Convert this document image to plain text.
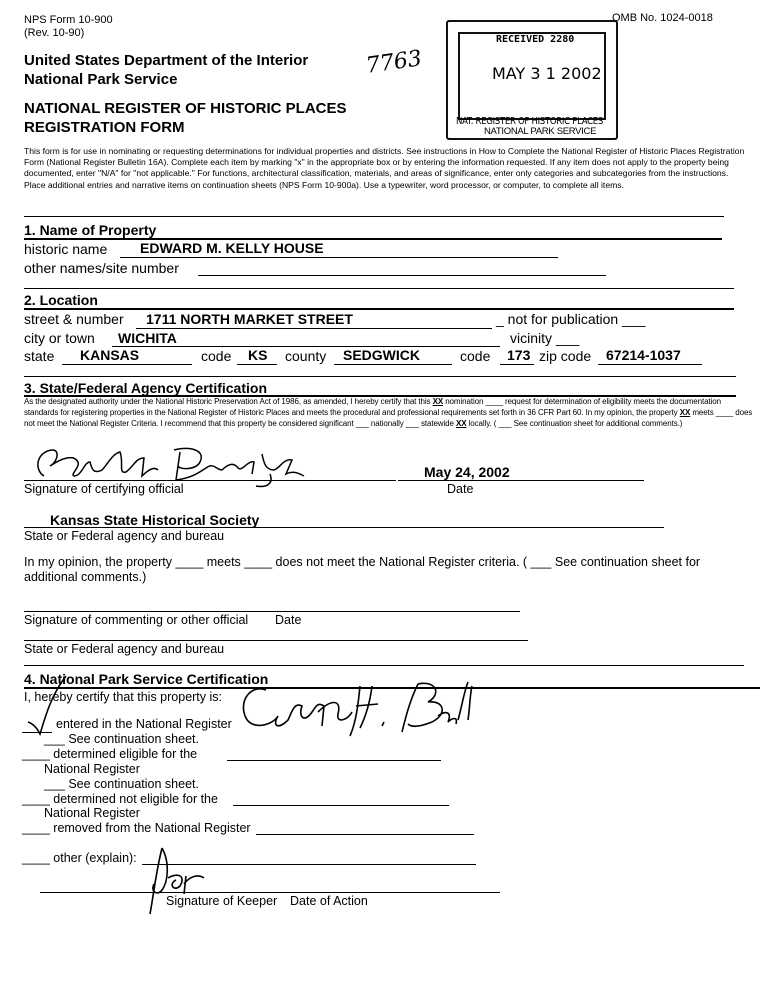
NPS Form 10-900
(Rev. 10-90)
OMB No. 1024-0018
United States Department of the Interior
National Park Service
NATIONAL REGISTER OF HISTORIC PLACES
REGISTRATION FORM
7763
RECEIVED 2280
MAY 3 1 2002
NAT. REGISTER OF HISTORIC PLACES
NATIONAL PARK SERVICE
This form is for use in nominating or requesting determinations for individual properties and districts. See instructions in How to Complete the National Register of Historic Places Registration Form (National Register Bulletin 16A). Complete each item by marking "x" in the appropriate box or by entering the information requested. If any item does not apply to the property being documented, enter "N/A" for "not applicable." For functions, architectural classification, materials, and areas of significance, enter only categories and subcategories from the instructions. Place additional entries and narrative items on continuation sheets (NPS Form 10-900a). Use a typewriter, word processor, or computer, to complete all items.
1. Name of Property
historic name EDWARD M. KELLY HOUSE
other names/site number
2. Location
street & number 1711 NORTH MARKET STREET	_ not for publication ___
city or town WICHITA	vicinity ___
state KANSAS	code KS county SEDGWICK	code 173 zip code 67214-1037
3. State/Federal Agency Certification
As the designated authority under the National Historic Preservation Act of 1986, as amended, I hereby certify that this XX nomination ____ request for determination of eligibility meets the documentation standards for registering properties in the National Register of Historic Places and meets the procedural and professional requirements set forth in 36 CFR Part 60. In my opinion, the property XX meets ____ does not meet the National Register Criteria. I recommend that this property be considered significant ___ nationally ___ statewide XX locally. ( ___ See continuation sheet for additional comments.)
May 24, 2002
Signature of certifying official	Date
Kansas State Historical Society
State or Federal agency and bureau
In my opinion, the property ____ meets ____ does not meet the National Register criteria. ( ___ See continuation sheet for
additional comments.)
Signature of commenting or other official Date
State or Federal agency and bureau
4. National Park Service Certification
I, hereby certify that this property is:
entered in the National Register
___ See continuation sheet.
____ determined eligible for the
National Register
___ See continuation sheet.
____ determined not eligible for the
National Register
____ removed from the National Register
____ other (explain):
Signature of Keeper Date of Action
